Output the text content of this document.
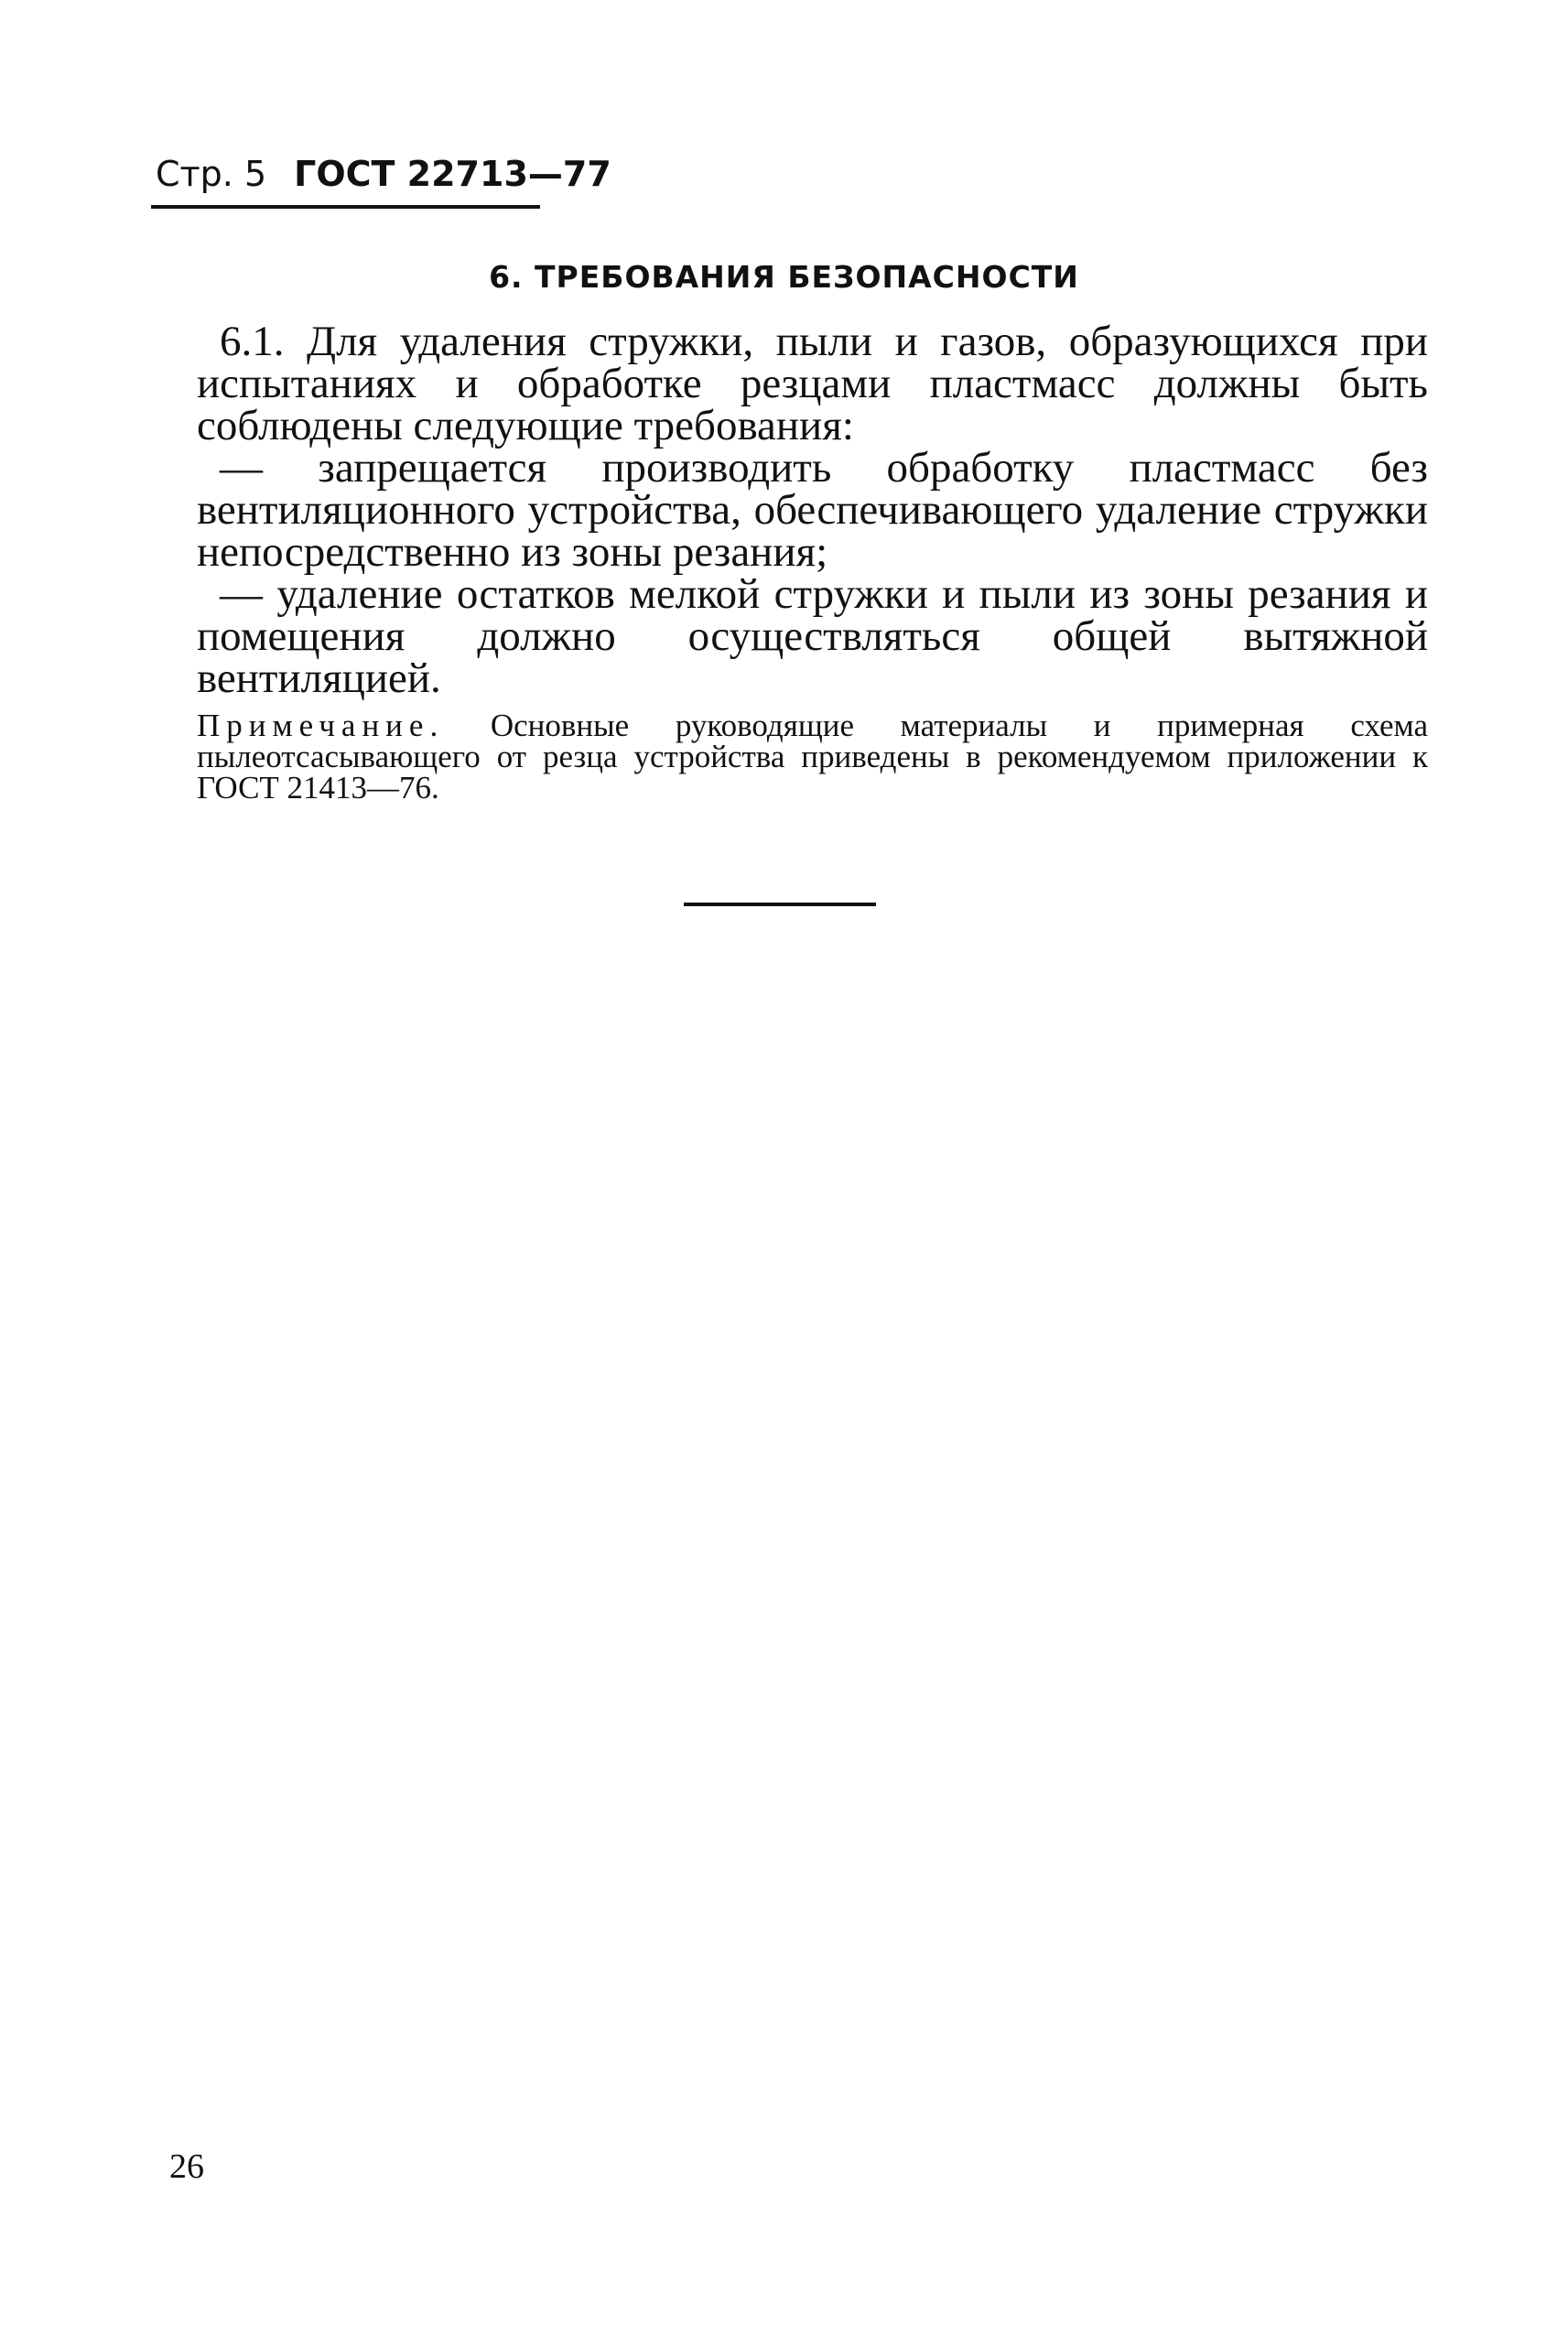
Стр. 5 ГОСТ 22713—77
6. ТРЕБОВАНИЯ БЕЗОПАСНОСТИ

6.1. Для удаления стружки, пыли и газов, образующихся при испытаниях и обработке резцами пластмасс должны быть соблюдены следующие требования:

— запрещается производить обработку пластмасс без вентиляционного устройства, обеспечивающего удаление стружки непосредственно из зоны резания;

— удаление остатков мелкой стружки и пыли из зоны резания и помещения должно осуществляться общей вытяжной вентиляцией.

Примечание. Основные руководящие материалы и примерная схема пылеотсасывающего от резца устройства приведены в рекомендуемом приложении к ГОСТ 21413—76.
26
